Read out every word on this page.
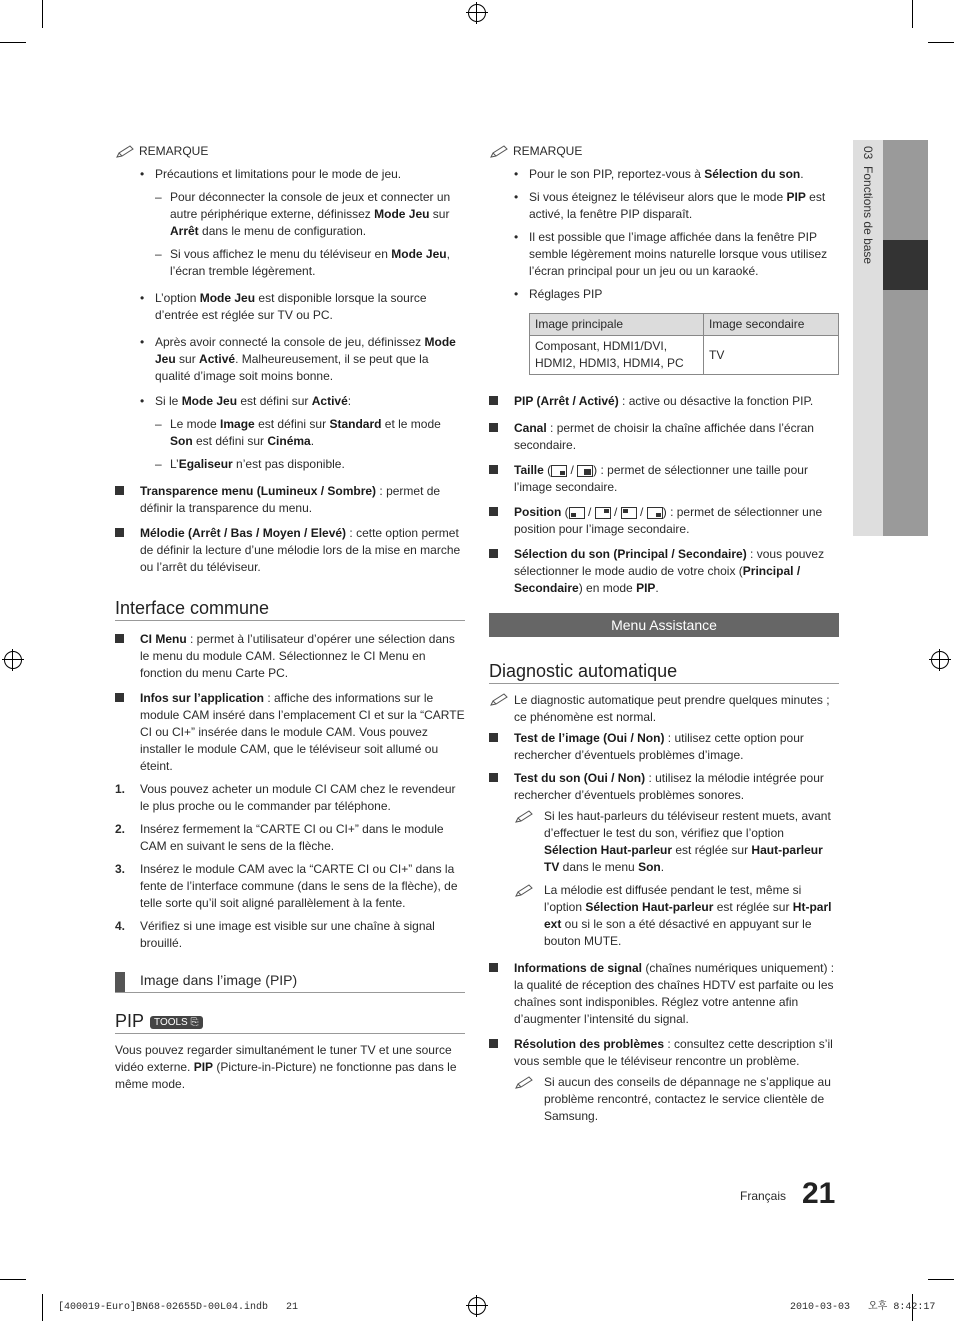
03  Fonctions de base
REMARQUE
• Précautions et limitations pour le mode de jeu.
– Pour déconnecter la console de jeux et connecter un autre périphérique externe, définissez Mode Jeu sur Arrêt dans le menu de configuration.
– Si vous affichez le menu du téléviseur en Mode Jeu, l’écran tremble légèrement.
• L’option Mode Jeu est disponible lorsque la source d’entrée est réglée sur TV ou PC.
• Après avoir connecté la console de jeu, définissez Mode Jeu sur Activé. Malheureusement, il se peut que la qualité d’image soit moins bonne.
• Si le Mode Jeu est défini sur Activé:
– Le mode Image est défini sur Standard et le mode Son est défini sur Cinéma.
– L’Egaliseur n’est pas disponible.
Transparence menu (Lumineux / Sombre) : permet de définir la transparence du menu.
Mélodie (Arrêt / Bas / Moyen / Elevé) : cette option permet de définir la lecture d’une mélodie lors de la mise en marche ou l’arrêt du téléviseur.
Interface commune
CI Menu : permet à l’utilisateur d’opérer une sélection dans le menu du module CAM. Sélectionnez le CI Menu en fonction du menu Carte PC.
Infos sur l’application : affiche des informations sur le module CAM inséré dans l’emplacement CI et sur la “CARTE CI ou CI+” insérée dans le module CAM. Vous pouvez installer le module CAM, que le téléviseur soit allumé ou éteint.
1. Vous pouvez acheter un module CI CAM chez le revendeur le plus proche ou le commander par téléphone.
2. Insérez fermement la “CARTE CI ou CI+” dans le module CAM en suivant le sens de la flèche.
3. Insérez le module CAM avec la “CARTE CI ou CI+” dans la fente de l’interface commune (dans le sens de la flèche), de telle sorte qu’il soit aligné parallèlement à la fente.
4. Vérifiez si une image est visible sur une chaîne à signal brouillé.
Image dans l’image (PIP)
PIP TOOLS ⎘
Vous pouvez regarder simultanément le tuner TV et une source vidéo externe. PIP (Picture-in-Picture) ne fonctionne pas dans le même mode.
REMARQUE
• Pour le son PIP, reportez-vous à Sélection du son.
• Si vous éteignez le téléviseur alors que le mode PIP est activé, la fenêtre PIP disparaît.
• Il est possible que l’image affichée dans la fenêtre PIP semble légèrement moins naturelle lorsque vous utilisez l’écran principal pour un jeu ou un karaoké.
• Réglages PIP
Image principale	Image secondaire
Composant, HDMI1/DVI, HDMI2, HDMI3, HDMI4, PC	TV
PIP (Arrêt / Activé) : active ou désactive la fonction PIP.
Canal : permet de choisir la chaîne affichée dans l’écran secondaire.
Taille (
/
) : permet de sélectionner une taille pour l’image secondaire.
Position (
/
/
/
) : permet de sélectionner une position pour l’image secondaire.
Sélection du son (Principal / Secondaire) : vous pouvez sélectionner le mode audio de votre choix (Principal / Secondaire) en mode PIP.
Menu Assistance
Diagnostic automatique
Le diagnostic automatique peut prendre quelques minutes ; ce phénomène est normal.
Test de l’image (Oui / Non) : utilisez cette option pour rechercher d’éventuels problèmes d’image.
Test du son (Oui / Non) : utilisez la mélodie intégrée pour rechercher d’éventuels problèmes sonores.
Si les haut-parleurs du téléviseur restent muets, avant d’effectuer le test du son, vérifiez que l’option Sélection Haut-parleur est réglée sur Haut-parleur TV dans le menu Son.
La mélodie est diffusée pendant le test, même si l’option Sélection Haut-parleur est réglée sur Ht-parl ext ou si le son a été désactivé en appuyant sur le bouton MUTE.
Informations de signal (chaînes numériques uniquement) : la qualité de réception des chaînes HDTV est parfaite ou les chaînes sont indisponibles. Réglez votre antenne afin d’augmenter l’intensité du signal.
Résolution des problèmes : consultez cette description s’il vous semble que le téléviseur rencontre un problème.
Si aucun des conseils de dépannage ne s’applique au problème rencontré, contactez le service clientèle de Samsung.
Français 21
[400019-Euro]BN68-02655D-00L04.indb   21	2010-03-03   오후 8:42:17
